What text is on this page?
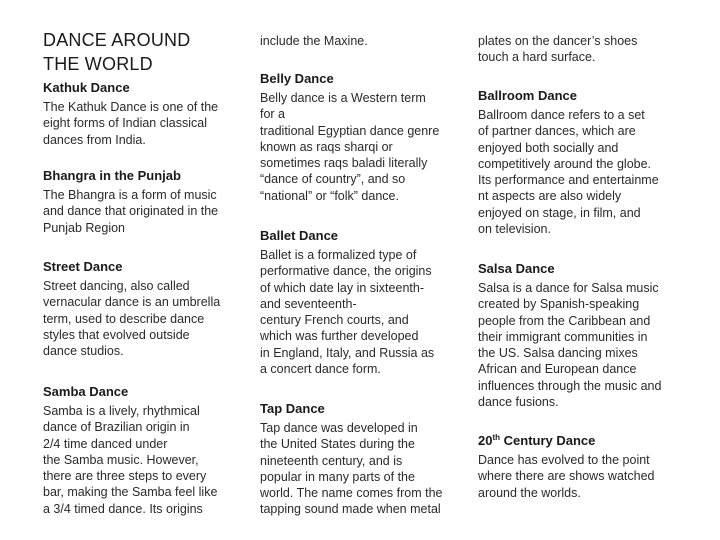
DANCE AROUND
THE WORLD

Kathuk Dance

The Kathuk Dance is one of the
eight forms of Indian classical
dances from India.

Bhangra in the Punjab

The Bhangra is a form of music
and dance that originated in the
Punjab Region

Street Dance

Street dancing, also called
vernacular dance is an umbrella
term, used to describe dance
styles that evolved outside
dance studios.

Samba Dance

Samba is a lively, rhythmical
dance of Brazilian origin in
2/4 time danced under
the Samba music. However,
there are three steps to every
bar, making the Samba feel like
a 3/4 timed dance. Its origins

include the Maxine.

Belly Dance

Belly dance is a Western term
for a
traditional Egyptian dance genre
known as raqs sharqi or
sometimes raqs baladi literally
“dance of country”, and so
“national” or “folk” dance.

Ballet Dance

Ballet is a formalized type of
performative dance, the origins
of which date lay in sixteenth-
and seventeenth-
century French courts, and
which was further developed
in England, Italy, and Russia as
a concert dance form.

Tap Dance

Tap dance was developed in
the United States during the
nineteenth century, and is
popular in many parts of the
world. The name comes from the
tapping sound made when metal

plates on the dancer’s shoes
touch a hard surface.

Ballroom Dance

Ballroom dance refers to a set
of partner dances, which are
enjoyed both socially and
competitively around the globe.
Its performance and entertainme
nt aspects are also widely
enjoyed on stage, in film, and
on television.

Salsa Dance

Salsa is a dance for Salsa music
created by Spanish-speaking
people from the Caribbean and
their immigrant communities in
the US. Salsa dancing mixes
African and European dance
influences through the music and
dance fusions.

20th Century Dance

Dance has evolved to the point
where there are shows watched
around the worlds.
